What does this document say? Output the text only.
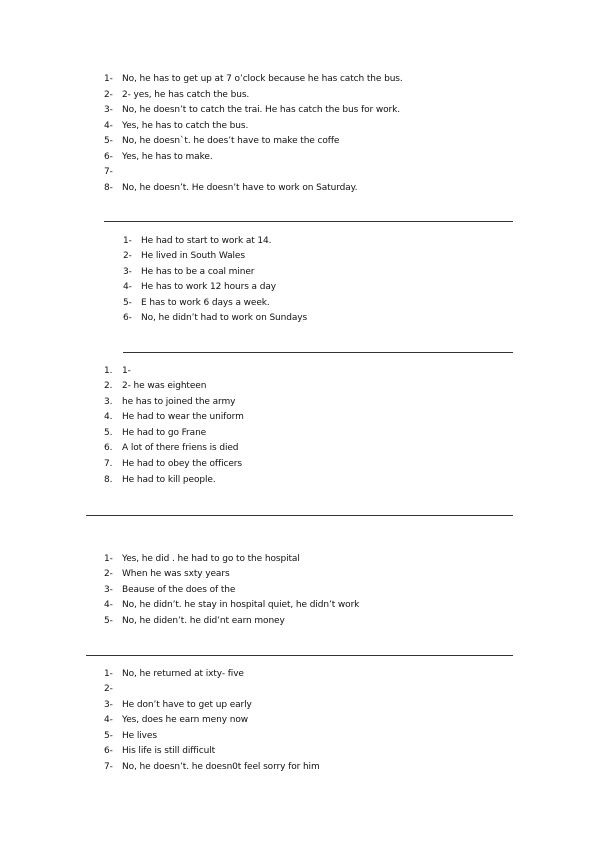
1- No, he has to get up at 7 o’clock because he has catch the bus.
2- 2- yes, he has catch the bus.
3- No, he doesn’t to catch the trai. He has catch the bus for work.
4- Yes, he has to catch the bus.
5- No, he doesn`t. he does’t have to make the coffe
6- Yes, he has to make.
7-
8- No, he doesn’t. He doesn’t have to work on Saturday.
1- He had to start to work at 14.
2- He lived in South Wales
3- He has to be a coal miner
4- He has to work 12 hours a day
5- E has to work 6 days a week.
6- No, he didn’t had to work on Sundays
1. 1-
2. 2- he was eighteen
3. he has to joined the army
4. He had to wear the uniform
5. He had to go Frane
6. A lot of there friens is died
7. He had to obey the officers
8. He had to kill people.
1- Yes, he did . he had to go to the hospital
2- When he was sxty years
3- Beause of the does of the
4- No, he didn’t. he stay in hospital quiet, he didn’t work
5- No, he diden’t. he did’nt earn money
1- No, he returned at ixty- five
2-
3- He don’t have to get up early
4- Yes, does he earn meny now
5- He lives
6- His life is still difficult
7- No, he doesn’t. he doesn0t feel sorry for him
